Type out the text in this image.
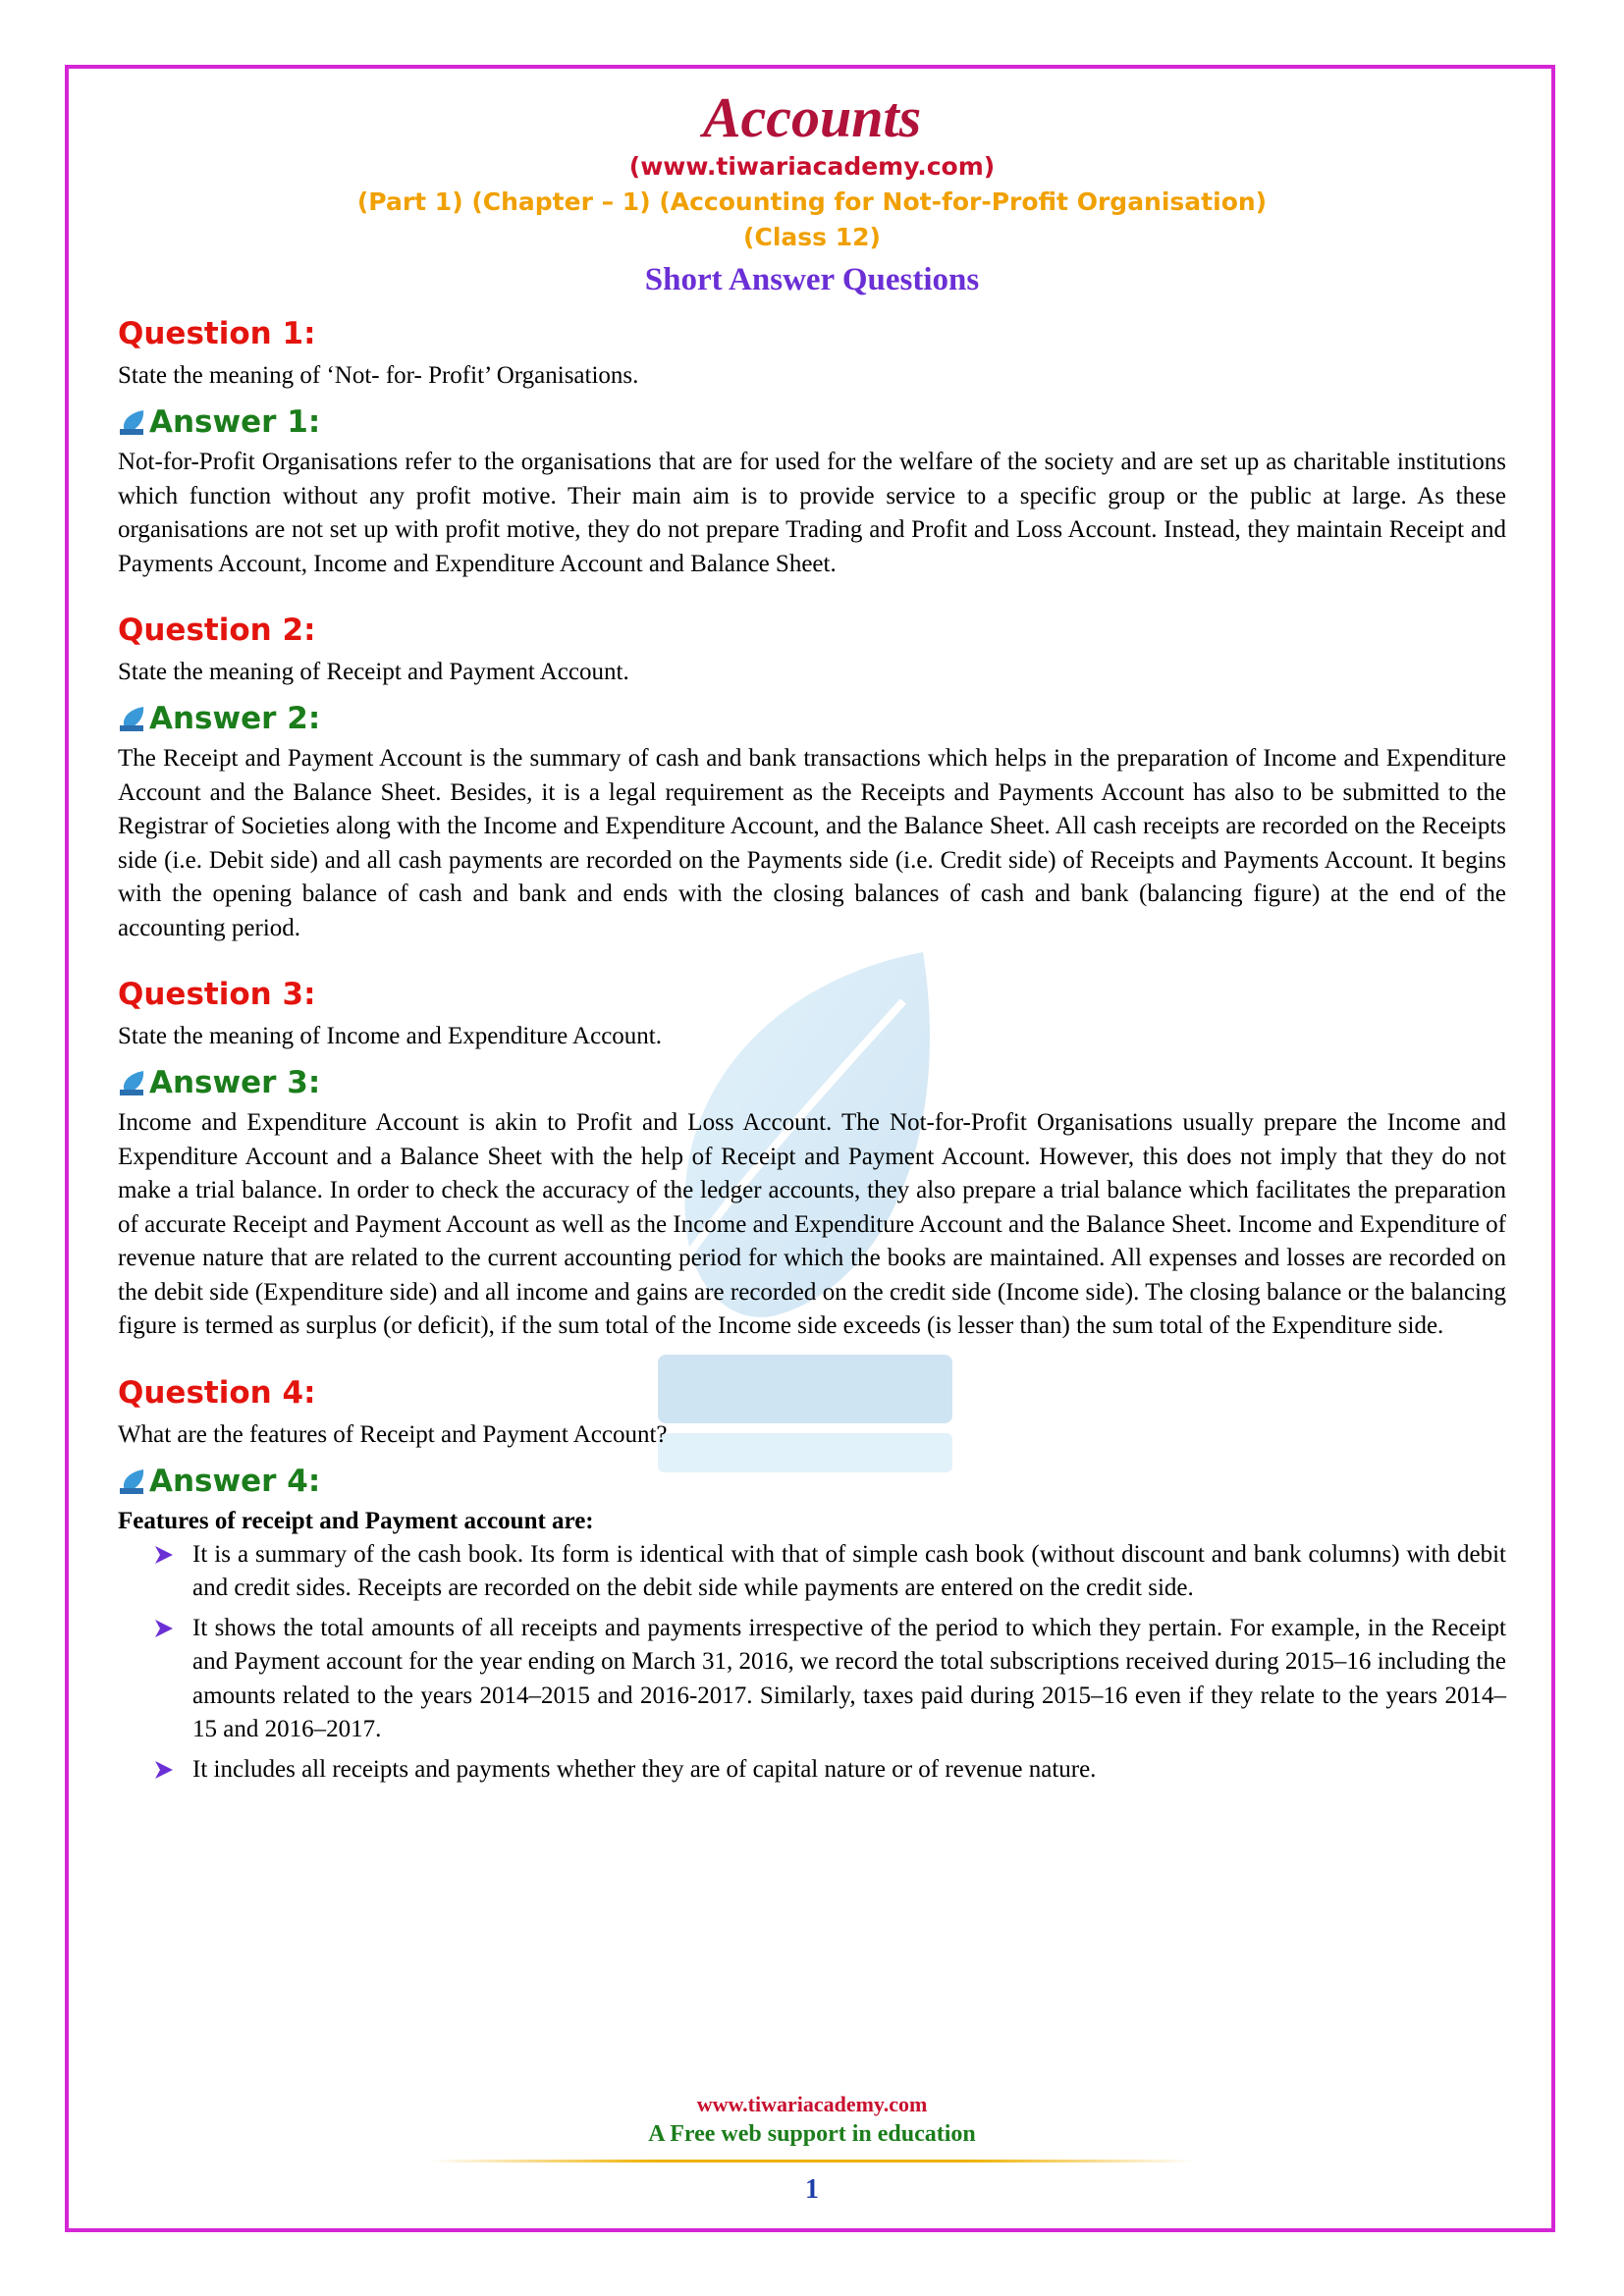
Accounts

(www.tiwariacademy.com)

(Part 1) (Chapter – 1) (Accounting for Not-for-Profit Organisation)

(Class 12)

Short Answer Questions
Question 1:

State the meaning of ‘Not- for- Profit’ Organisations.

Answer 1:

Not-for-Profit Organisations refer to the organisations that are for used for the welfare of the society and are set up as charitable institutions which function without any profit motive. Their main aim is to provide service to a specific group or the public at large. As these organisations are not set up with profit motive, they do not prepare Trading and Profit and Loss Account. Instead, they maintain Receipt and Payments Account, Income and Expenditure Account and Balance Sheet.

Question 2:

State the meaning of Receipt and Payment Account.

Answer 2:

The Receipt and Payment Account is the summary of cash and bank transactions which helps in the preparation of Income and Expenditure Account and the Balance Sheet. Besides, it is a legal requirement as the Receipts and Payments Account has also to be submitted to the Registrar of Societies along with the Income and Expenditure Account, and the Balance Sheet. All cash receipts are recorded on the Receipts side (i.e. Debit side) and all cash payments are recorded on the Payments side (i.e. Credit side) of Receipts and Payments Account. It begins with the opening balance of cash and bank and ends with the closing balances of cash and bank (balancing figure) at the end of the accounting period.

Question 3:

State the meaning of Income and Expenditure Account.

Answer 3:

Income and Expenditure Account is akin to Profit and Loss Account. The Not-for-Profit Organisations usually prepare the Income and Expenditure Account and a Balance Sheet with the help of Receipt and Payment Account. However, this does not imply that they do not make a trial balance. In order to check the accuracy of the ledger accounts, they also prepare a trial balance which facilitates the preparation of accurate Receipt and Payment Account as well as the Income and Expenditure Account and the Balance Sheet. Income and Expenditure of revenue nature that are related to the current accounting period for which the books are maintained. All expenses and losses are recorded on the debit side (Expenditure side) and all income and gains are recorded on the credit side (Income side). The closing balance or the balancing figure is termed as surplus (or deficit), if the sum total of the Income side exceeds (is lesser than) the sum total of the Expenditure side.

Question 4:

What are the features of Receipt and Payment Account?

Answer 4:

Features of receipt and Payment account are:

It is a summary of the cash book. Its form is identical with that of simple cash book (without discount and bank columns) with debit and credit sides. Receipts are recorded on the debit side while payments are entered on the credit side.
It shows the total amounts of all receipts and payments irrespective of the period to which they pertain. For example, in the Receipt and Payment account for the year ending on March 31, 2016, we record the total subscriptions received during 2015–16 including the amounts related to the years 2014–2015 and 2016-2017. Similarly, taxes paid during 2015–16 even if they relate to the years 2014–15 and 2016–2017.
It includes all receipts and payments whether they are of capital nature or of revenue nature.
www.tiwariacademy.com
A Free web support in education
1
